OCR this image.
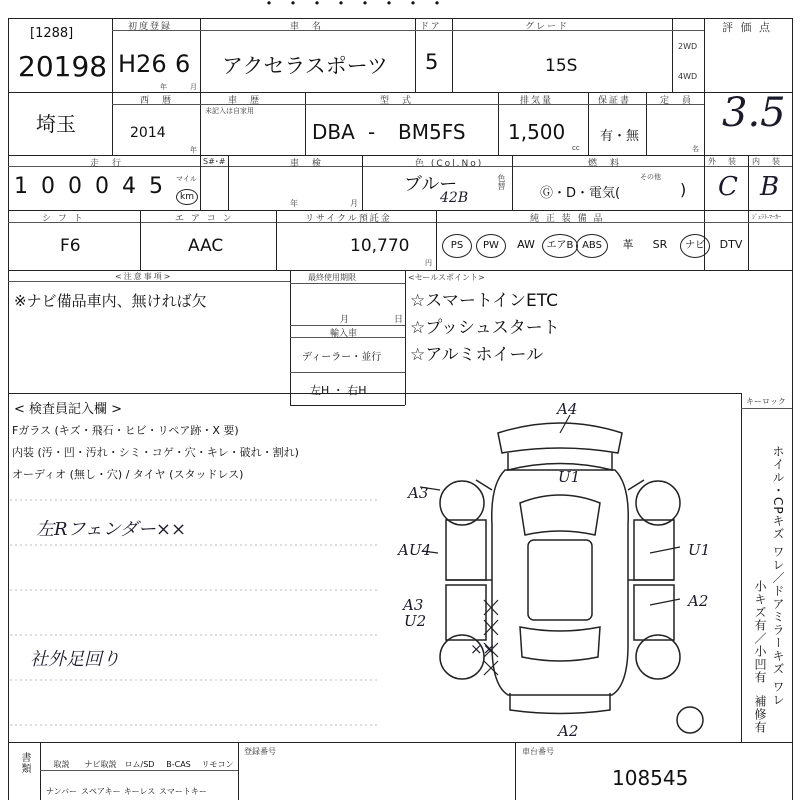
・・・・・・・・
[1288]
20198
初度登録
H26 6
年	月
車　名
アクセラスポーツ
ドア
5
グレード
15S
2WD
4WD
評 価 点
3.5
埼玉
西　暦
2014
年
車　歴
未記入は自家用
型　式
DBA - BM5FS
排気量
1,500
cc
保証書
有・無
定　員
名
走　行
1 0 0 0 4 5	マイル
km
S#･#	車　検
年　月
色 (Col.No)
ブルー
42B
色替
燃　料
Ⓖ・D・電気(
その他
)
外　装 内　装
C B
シ フ ト
F6
エ ア コ ン
AAC
リサイクル預託金
10,770
円
純 正 装 備 品	ｼﾞｪﾗﾄ-ﾏｰｶｰ
PS	PW	AW	エアB ABS	革	SR	ナビ	DTV
<注意事項>
※ナビ備品車内、無ければ欠
最終使用期限
月	日
輸入車
ディーラー・並行
左H ・ 右H
<セールスポイント>
☆スマートインETC
☆プッシュスタート
☆アルミホイール
< 検査員記入欄 >
Fガラス (キズ・飛石・ヒビ・リペア跡・X 要)
内装 (汚・凹・汚れ・シミ・コゲ・穴・キレ・破れ・割れ)
オーディオ (無し・穴) / タイヤ (スタッドレス)
左Rフェンダー××
社外足回り
A4
U1
A3
AU4	U1
A3
U2
A2
××
A2
キーロック
ホイル・CPキズ ワレ／ドアミラーキズ ワレ
小キズ有／小凹有
補修有
書類	取説 ナビ取説 ロム/SD B-CAS リモコン
ナンバー スペアキー キーレス スマートキー
登録番号	車台番号
108545
